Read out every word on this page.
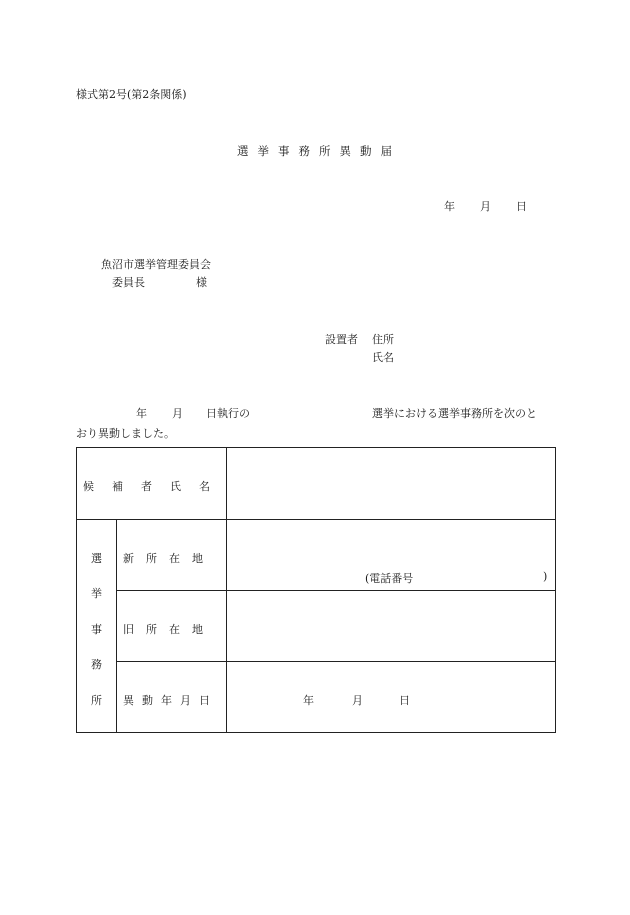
様式第2号(第2条関係)
選挙事務所異動届
年 月 日
魚沼市選挙管理委員会
委員長	様
設置者 住所
氏名
年 月 日執行の	選挙における選挙事務所を次のと
おり異動しました。
候補者氏名
選
挙
事
務
所
新所在地
(電話番号	)
旧所在地
異動年月日	年	月	日
